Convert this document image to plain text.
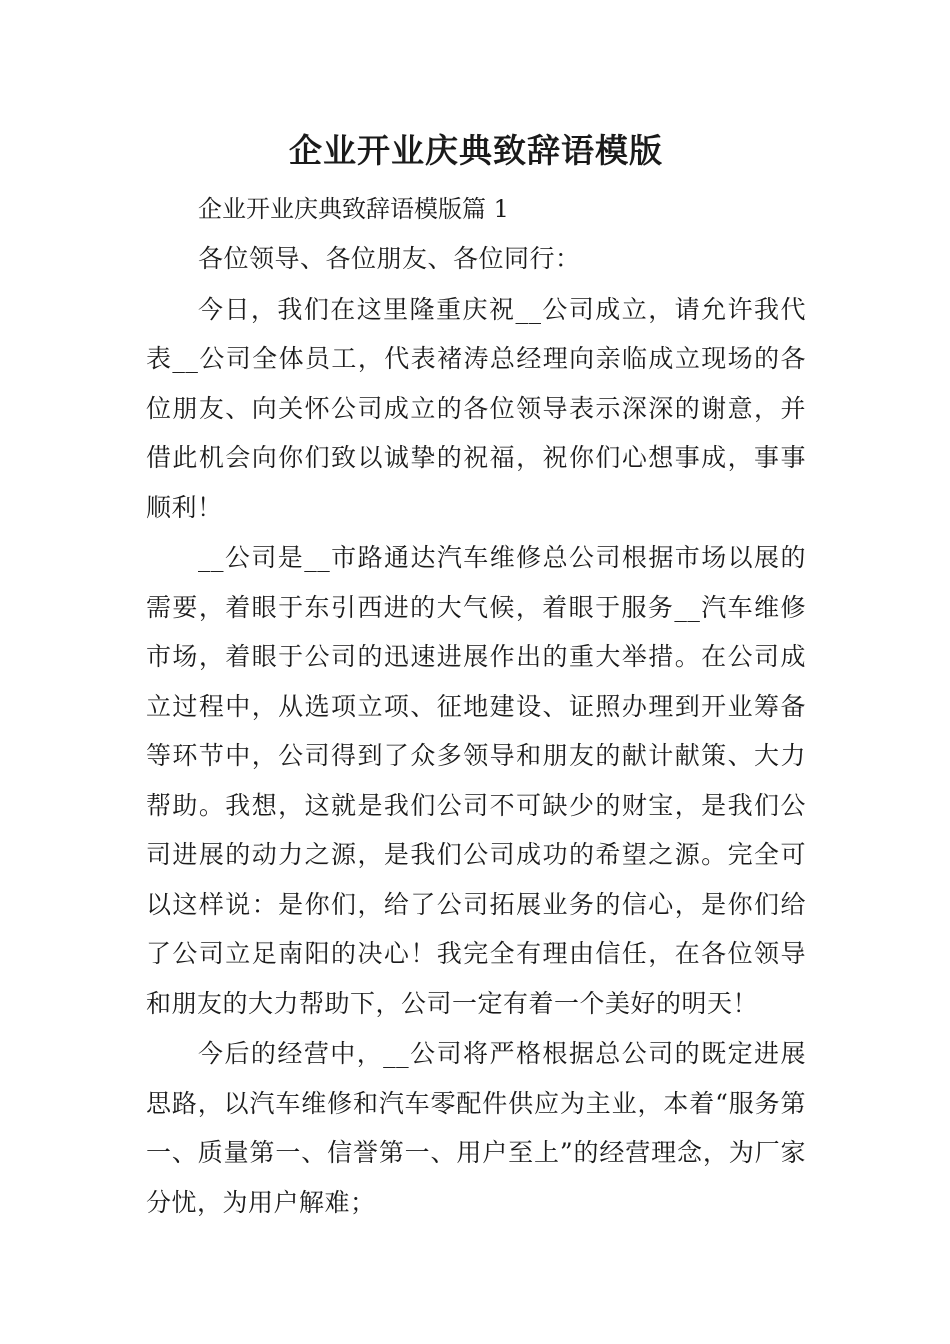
企业开业庆典致辞语模版

企业开业庆典致辞语模版篇 1

各位领导、各位朋友、各位同行：

今日，我们在这里隆重庆祝__公司成立，请允许我代表__公司全体员工，代表褚涛总经理向亲临成立现场的各位朋友、向关怀公司成立的各位领导表示深深的谢意，并借此机会向你们致以诚挚的祝福，祝你们心想事成，事事顺利！

__公司是__市路通达汽车维修总公司根据市场以展的需要，着眼于东引西进的大气候，着眼于服务__汽车维修市场，着眼于公司的迅速进展作出的重大举措。在公司成立过程中，从选项立项、征地建设、证照办理到开业筹备等环节中，公司得到了众多领导和朋友的献计献策、大力帮助。我想，这就是我们公司不可缺少的财宝，是我们公司进展的动力之源，是我们公司成功的希望之源。完全可以这样说：是你们，给了公司拓展业务的信心，是你们给了公司立足南阳的决心！我完全有理由信任，在各位领导和朋友的大力帮助下，公司一定有着一个美好的明天！

今后的经营中，__公司将严格根据总公司的既定进展思路，以汽车维修和汽车零配件供应为主业，本着“服务第一、质量第一、信誉第一、用户至上”的经营理念，为厂家分忧，为用户解难；
